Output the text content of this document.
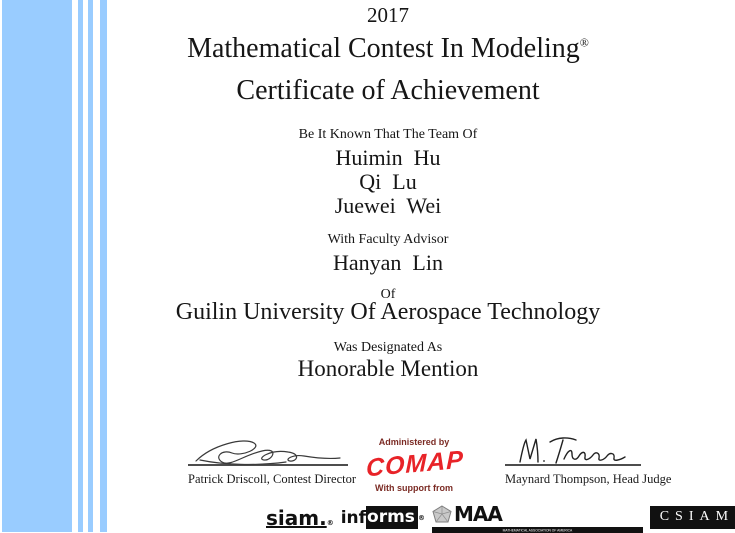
2017
Mathematical Contest In Modeling®
Certificate of Achievement
Be It Known That The Team Of
Huimin  Hu
Qi  Lu
Juewei  Wei
With Faculty Advisor
Hanyan  Lin
Of
Guilin University Of Aerospace Technology
Was Designated As
Honorable Mention
Patrick Driscoll, Contest Director
Administered by
COMAP
With support from
Maynard Thompson, Head Judge
siam.® inf orms ® MAA
MATHEMATICAL ASSOCIATION OF AMERICA
CSIAM
